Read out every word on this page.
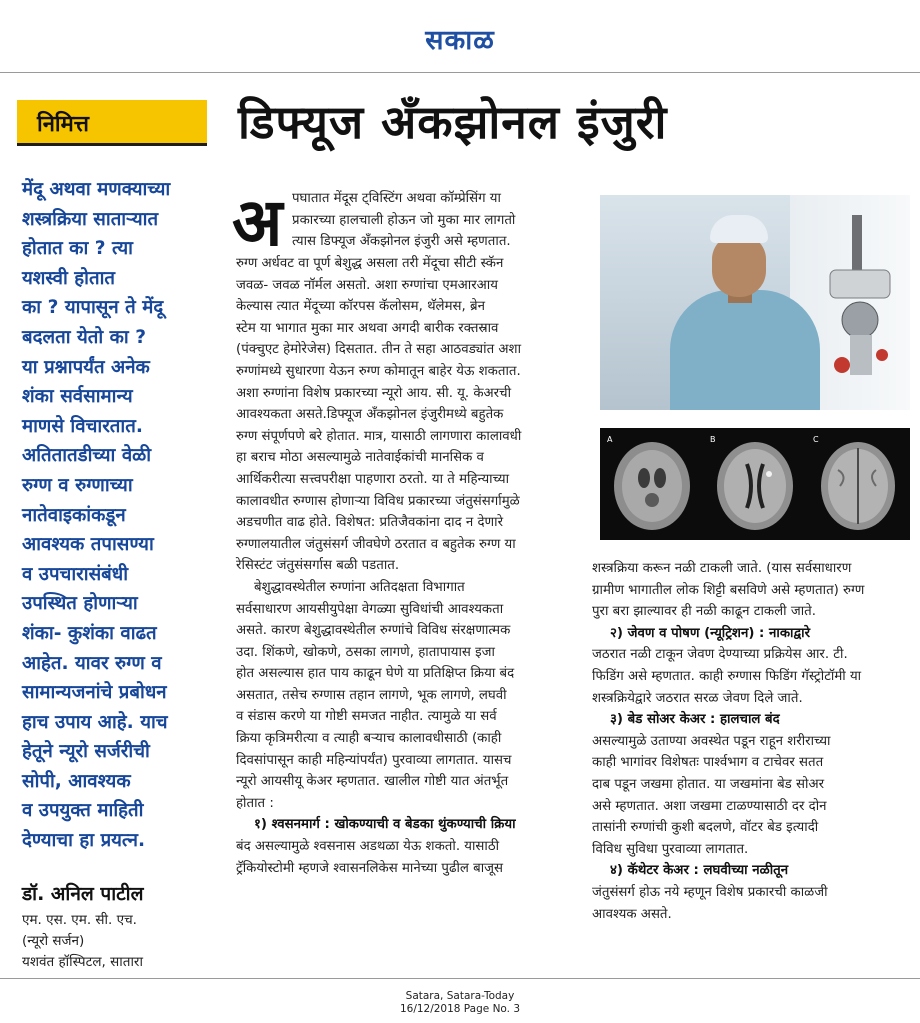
सकाळ
निमित्त
मेंदू अथवा मणक्याच्या
शस्त्रक्रिया साताऱ्यात
होतात का ? त्या
यशस्वी होतात
का ? यापासून ते मेंदू
बदलता येतो का ?
या प्रश्नापर्यंत अनेक
शंका सर्वसामान्य
माणसे विचारतात.
अतितातडीच्या वेळी
रुग्ण व रुग्णाच्या
नातेवाइकांकडून
आवश्यक तपासण्या
व उपचारासंबंधी
उपस्थित होणाऱ्या
शंका- कुशंका वाढत
आहेत. यावर रुग्ण व
सामान्यजनांचे प्रबोधन
हाच उपाय आहे. याच
हेतूने न्यूरो सर्जरीची
सोपी, आवश्यक
व उपयुक्त माहिती
देण्याचा हा प्रयत्न.
डॉ. अनिल पाटील
एम. एस. एम. सी. एच.
(न्यूरो सर्जन)
यशवंत हॉस्पिटल, सातारा
डिफ्यूज अँकझोनल इंजुरी
अ पघातात मेंदूस ट्विस्टिंग अथवा कॉम्प्रेसिंग या
प्रकारच्या हालचाली होऊन जो मुका मार लागतो
त्यास डिफ्यूज अँकझोनल इंजुरी असे म्हणतात.
रुग्ण अर्धवट वा पूर्ण बेशुद्ध असला तरी मेंदूचा सीटी स्कॅन
जवळ- जवळ नॉर्मल असतो. अशा रुग्णांचा एमआरआय
केल्यास त्यात मेंदूच्या कॉरपस कॅलोसम, थॅलेमस, ब्रेन
स्टेम या भागात मुका मार अथवा अगदी बारीक रक्तस्राव
(पंक्चुएट हेमोरेजेस) दिसतात. तीन ते सहा आठवड्यांत अशा
रुग्णांमध्ये सुधारणा येऊन रुग्ण कोमातून बाहेर येऊ शकतात.
अशा रुग्णांना विशेष प्रकारच्या न्यूरो आय. सी. यू. केअरची
आवश्यकता असते.डिफ्यूज अँकझोनल इंजुरीमध्ये बहुतेक
रुग्ण संपूर्णपणे बरे होतात. मात्र, यासाठी लागणारा कालावधी
हा बराच मोठा असल्यामुळे नातेवाईकांची मानसिक व
आर्थिकरीत्या सत्त्वपरीक्षा पाहणारा ठरतो. या ते महिन्याच्या
कालावधीत रुग्णास होणाऱ्या विविध प्रकारच्या जंतुसंसर्गामुळे
अडचणीत वाढ होते. विशेषत: प्रतिजैवकांना दाद न देणारे
रुग्णालयातील जंतुसंसर्ग जीवघेणे ठरतात व बहुतेक रुग्ण या
रेसिस्टंट जंतुसंसर्गास बळी पडतात.
बेशुद्धावस्थेतील रुग्णांना अतिदक्षता विभागात
सर्वसाधारण आयसीयुपेक्षा वेगळ्या सुविधांची आवश्यकता
असते. कारण बेशुद्धावस्थेतील रुग्णांचे विविध संरक्षणात्मक
उदा. शिंकणे, खोकणे, ठसका लागणे, हातापायास इजा
होत असल्यास हात पाय काढून घेणे या प्रतिक्षिप्त क्रिया बंद
असतात, तसेच रुग्णास तहान लागणे, भूक लागणे, लघवी
व संडास करणे या गोष्टी समजत नाहीत. त्यामुळे या सर्व
क्रिया कृत्रिमरीत्या व त्याही बऱ्याच कालावधीसाठी (काही
दिवसांपासून काही महिन्यांपर्यंत) पुरवाव्या लागतात. यासच
न्यूरो आयसीयू केअर म्हणतात. खालील गोष्टी यात अंतर्भूत
होतात :
१) श्वसनमार्ग : खोकण्याची व बेडका थुंकण्याची क्रिया
बंद असल्यामुळे श्वसनास अडथळा येऊ शकतो. यासाठी
ट्रॅकियोस्टोमी म्हणजे श्वासनलिकेस मानेच्या पुढील बाजूस
A	B	C
शस्त्रक्रिया करून नळी टाकली जाते. (यास सर्वसाधारण
ग्रामीण भागातील लोक शिट्टी बसविणे असे म्हणतात) रुग्ण
पुरा बरा झाल्यावर ही नळी काढून टाकली जाते.
२) जेवण व पोषण (न्यूट्रिशन) : नाकाद्वारे
जठरात नळी टाकून जेवण देण्याच्या प्रक्रियेस आर. टी.
फिडिंग असे म्हणतात. काही रुग्णास फिडिंग गॅस्ट्रोटॉमी या
शस्त्रक्रियेद्वारे जठरात सरळ जेवण दिले जाते.
३) बेड सोअर केअर : हालचाल बंद
असल्यामुळे उताण्या अवस्थेत पडून राहून शरीराच्या
काही भागांवर विशेषतः पार्श्वभाग व टाचेवर सतत
दाब पडून जखमा होतात. या जखमांना बेड सोअर
असे म्हणतात. अशा जखमा टाळण्यासाठी दर दोन
तासांनी रुग्णांची कुशी बदलणे, वॉटर बेड इत्यादी
विविध सुविधा पुरवाव्या लागतात.
४) कॅथेटर केअर : लघवीच्या नळीतून
जंतुसंसर्ग होऊ नये म्हणून विशेष प्रकारची काळजी
आवश्यक असते.
Satara, Satara-Today
16/12/2018 Page No. 3
